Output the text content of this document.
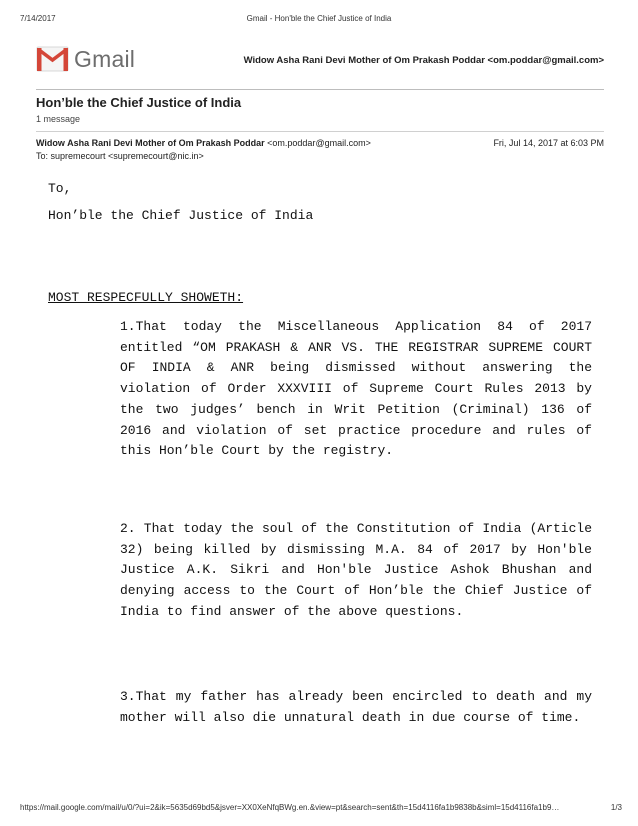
7/14/2017	Gmail - Hon'ble the Chief Justice of India
Gmail	Widow Asha Rani Devi Mother of Om Prakash Poddar <om.poddar@gmail.com>
Hon’ble the Chief Justice of India
1 message
Widow Asha Rani Devi Mother of Om Prakash Poddar <om.poddar@gmail.com>	Fri, Jul 14, 2017 at 6:03 PM
To: supremecourt <supremecourt@nic.in>
To,
Hon’ble the Chief Justice of India
MOST RESPECFULLY SHOWETH:

1.That today the Miscellaneous Application 84 of 2017 entitled “OM PRAKASH & ANR VS. THE REGISTRAR SUPREME COURT OF INDIA & ANR being dismissed without answering the violation of Order XXXVIII of Supreme Court Rules 2013 by the two judges’ bench in Writ Petition (Criminal) 136 of 2016 and violation of set practice procedure and rules of this Hon’ble Court by the registry.

2. That today the soul of the Constitution of India (Article 32) being killed by dismissing M.A. 84 of 2017 by Hon'ble Justice A.K. Sikri and Hon'ble Justice Ashok Bhushan and denying access to the Court of Hon’ble the Chief Justice of India to find answer of the above questions.

3.That my father has already been encircled to death and my mother will also die unnatural death in due course of time.

https://mail.google.com/mail/u/0/?ui=2&ik=5635d69bd5&jsver=XX0XeNfqBWg.en.&view=pt&search=sent&th=15d4116fa1b9838b&siml=15d4116fa1b9…	1/3
